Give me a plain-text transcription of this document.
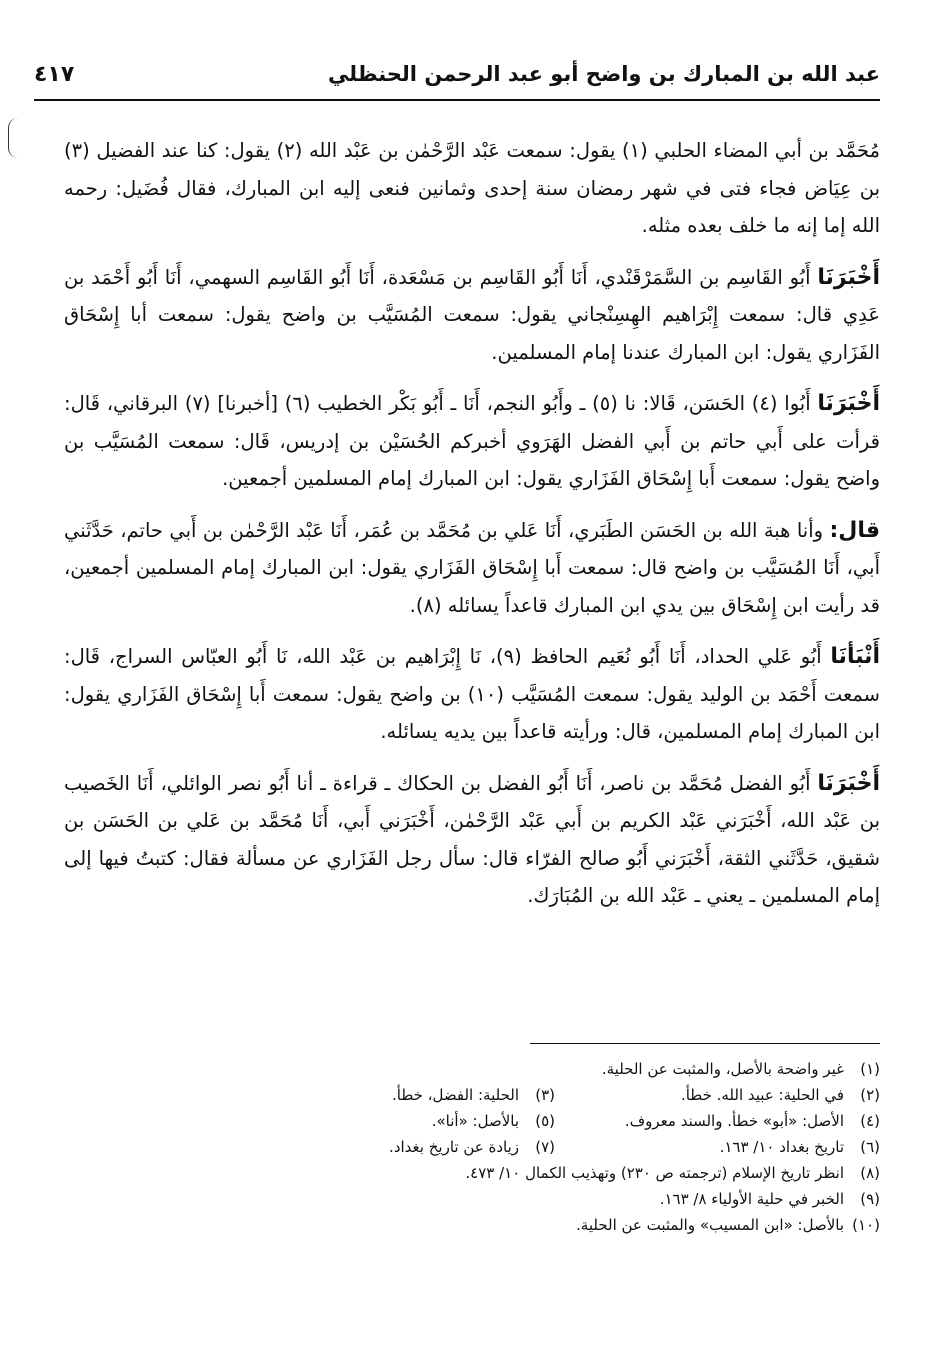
عبد الله بن المبارك بن واضح أبو عبد الرحمن الحنظلي
٤١٧

مُحَمَّد بن أبي المضاء الحلبي (١) يقول: سمعت عَبْد الرَّحْمٰن بن عَبْد الله (٢) يقول: كنا عند الفضيل (٣) بن عِيَاض فجاء فتى في شهر رمضان سنة إحدى وثمانين فنعى إليه ابن المبارك، فقال فُضَيل: رحمه الله إما إنه ما خلف بعده مثله.

أَخْبَرَنَا أَبُو القَاسِم بن السَّمَرْقَنْدي، أَنَا أَبُو القَاسِم بن مَسْعَدة، أَنَا أَبُو القَاسِم السهمي، أَنَا أَبُو أَحْمَد بن عَدِي قال: سمعت إِبْرَاهيم الهِسِنْجاني يقول: سمعت المُسَيَّب بن واضح يقول: سمعت أبا إِسْحَاق الفَزَاري يقول: ابن المبارك عندنا إمام المسلمين.

أَخْبَرَنَا أَبُوا (٤) الحَسَن، قَالا: نا (٥) ـ وأَبُو النجم، أَنَا ـ أَبُو بَكْر الخطيب (٦) [أخبرنا] (٧) البرقاني، قَال: قرأت على أَبي حاتم بن أَبي الفضل الهَرَوي أخبركم الحُسَيْن بن إدريس، قَال: سمعت المُسَيَّب بن واضح يقول: سمعت أَبا إِسْحَاق الفَزَاري يقول: ابن المبارك إمام المسلمين أجمعين.

قال: وأنا هبة الله بن الحَسَن الطَبَري، أَنَا عَلي بن مُحَمَّد بن عُمَر، أَنَا عَبْد الرَّحْمٰن بن أَبي حاتم، حَدَّثَني أَبي، أَنَا المُسَيَّب بن واضح قال: سمعت أَبا إِسْحَاق الفَزَاري يقول: ابن المبارك إمام المسلمين أجمعين، قد رأيت ابن إِسْحَاق بين يدي ابن المبارك قاعداً يسائله (٨).

أَنْبَأنَا أَبُو عَلي الحداد، أَنَا أَبُو نُعَيم الحافظ (٩)، نَا إِبْرَاهيم بن عَبْد الله، نَا أَبُو العبّاس السراج، قَال: سمعت أَحْمَد بن الوليد يقول: سمعت المُسَيَّب (١٠) بن واضح يقول: سمعت أَبا إِسْحَاق الفَزَاري يقول: ابن المبارك إمام المسلمين، قال: ورأيته قاعداً بين يديه يسائله.

أَخْبَرَنَا أَبُو الفضل مُحَمَّد بن ناصر، أَنَا أَبُو الفضل بن الحكاك ـ قراءة ـ أنا أَبُو نصر الوائلي، أَنَا الخَصيب بن عَبْد الله، أَخْبَرَني عَبْد الكريم بن أَبي عَبْد الرَّحْمٰن، أَخْبَرَني أَبي، أَنَا مُحَمَّد بن عَلي بن الحَسَن بن شقيق، حَدَّثَني الثقة، أَخْبَرَني أَبُو صالح الفرّاء قال: سأل رجل الفَزَاري عن مسألة فقال: كتبتُ فيها إلى إمام المسلمين ـ يعني ـ عَبْد الله بن المُبَارَك.

(١)
غير واضحة بالأصل، والمثبت عن الحلية.
(٢)
في الحلية: عبيد الله. خطأ.
(٣)
الحلية: الفضل، خطأ.
(٤)
الأصل: «أبو» خطأ. والسند معروف.
(٥)
بالأصل: «أنا».
(٦)
تاريخ بغداد ١٠/ ١٦٣.
(٧)
زيادة عن تاريخ بغداد.
(٨)
انظر تاريخ الإسلام (ترجمته ص ٢٣٠) وتهذيب الكمال ١٠/ ٤٧٣.
(٩)
الخبر في حلية الأولياء ٨/ ١٦٣.
(١٠)
بالأصل: «ابن المسيب» والمثبت عن الحلية.
